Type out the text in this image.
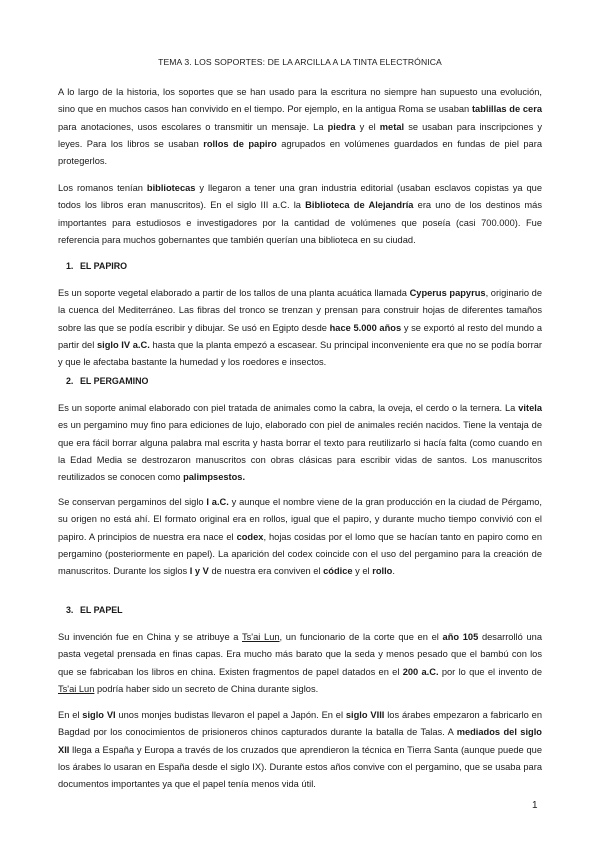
TEMA 3. LOS SOPORTES: DE LA ARCILLA A LA TINTA ELECTRÓNICA

A lo largo de la historia, los soportes que se han usado para la escritura no siempre han supuesto una evolución, sino que en muchos casos han convivido en el tiempo. Por ejemplo, en la antigua Roma se usaban tablillas de cera para anotaciones, usos escolares o transmitir un mensaje. La piedra y el metal se usaban para inscripciones y leyes. Para los libros se usaban rollos de papiro agrupados en volúmenes guardados en fundas de piel para protegerlos.

Los romanos tenían bibliotecas y llegaron a tener una gran industria editorial (usaban esclavos copistas ya que todos los libros eran manuscritos). En el siglo III a.C. la Biblioteca de Alejandría era uno de los destinos más importantes para estudiosos e investigadores por la cantidad de volúmenes que poseía (casi 700.000). Fue referencia para muchos gobernantes que también querían una biblioteca en su ciudad.

1. EL PAPIRO

Es un soporte vegetal elaborado a partir de los tallos de una planta acuática llamada Cyperus papyrus, originario de la cuenca del Mediterráneo. Las fibras del tronco se trenzan y prensan para construir hojas de diferentes tamaños sobre las que se podía escribir y dibujar. Se usó en Egipto desde hace 5.000 años y se exportó al resto del mundo a partir del siglo IV a.C. hasta que la planta empezó a escasear. Su principal inconveniente era que no se podía borrar y que le afectaba bastante la humedad y los roedores e insectos.

2. EL PERGAMINO

Es un soporte animal elaborado con piel tratada de animales como la cabra, la oveja, el cerdo o la ternera. La vitela es un pergamino muy fino para ediciones de lujo, elaborado con piel de animales recién nacidos. Tiene la ventaja de que era fácil borrar alguna palabra mal escrita y hasta borrar el texto para reutilizarlo si hacía falta (como cuando en la Edad Media se destrozaron manuscritos con obras clásicas para escribir vidas de santos. Los manuscritos reutilizados se conocen como palimpsestos.

Se conservan pergaminos del siglo I a.C. y aunque el nombre viene de la gran producción en la ciudad de Pérgamo, su origen no está ahí. El formato original era en rollos, igual que el papiro, y durante mucho tiempo convivió con el papiro. A principios de nuestra era nace el codex, hojas cosidas por el lomo que se hacían tanto en papiro como en pergamino (posteriormente en papel). La aparición del codex coincide con el uso del pergamino para la creación de manuscritos. Durante los siglos I y V de nuestra era conviven el códice y el rollo.

3. EL PAPEL

Su invención fue en China y se atribuye a Ts'ai Lun, un funcionario de la corte que en el año 105 desarrolló una pasta vegetal prensada en finas capas. Era mucho más barato que la seda y menos pesado que el bambú con los que se fabricaban los libros en china. Existen fragmentos de papel datados en el 200 a.C. por lo que el invento de Ts'ai Lun podría haber sido un secreto de China durante siglos.

En el siglo VI unos monjes budistas llevaron el papel a Japón. En el siglo VIII los árabes empezaron a fabricarlo en Bagdad por los conocimientos de prisioneros chinos capturados durante la batalla de Talas. A mediados del siglo XII llega a España y Europa a través de los cruzados que aprendieron la técnica en Tierra Santa (aunque puede que los árabes lo usaran en España desde el siglo IX). Durante estos años convive con el pergamino, que se usaba para documentos importantes ya que el papel tenía menos vida útil.

1
